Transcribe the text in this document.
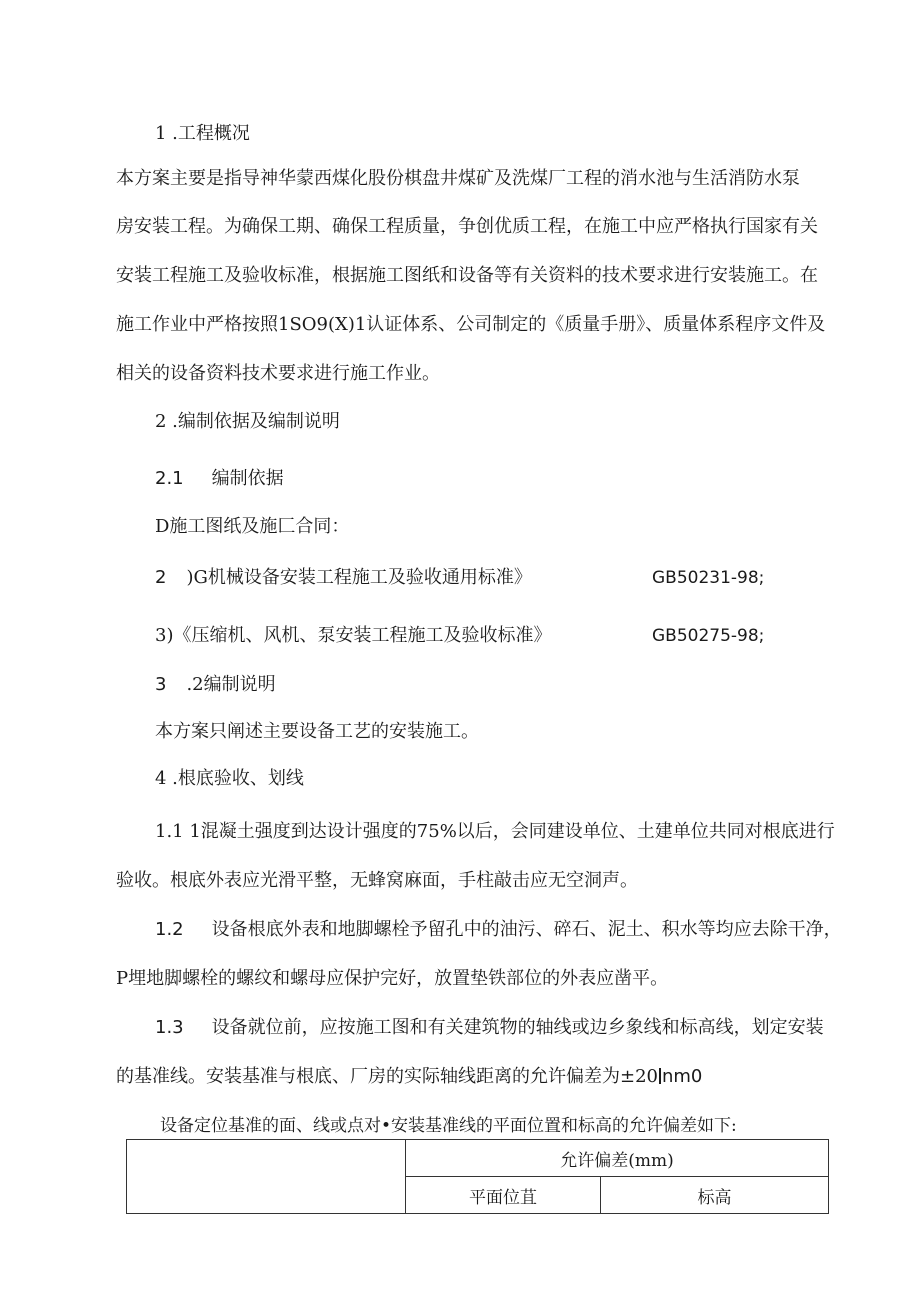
1 .工程概况
本方案主要是指导神华蒙西煤化股份棋盘井煤矿及洗煤厂工程的消水池与生活消防水泵
房安装工程。为确保工期、确保工程质量，争创优质工程，在施工中应严格执行国家有关
安装工程施工及验收标准，根据施工图纸和设备等有关资料的技术要求进行安装施工。在
施工作业中严格按照1SO9(X)1认证体系、公司制定的《质量手册》、质量体系程序文件及
相关的设备资料技术要求进行施工作业。
2 .编制依据及编制说明
2.1 编制依据
D施工图纸及施匚合同：
2 )G机械设备安装工程施工及验收通用标准》	GB50231-98;
3)《压缩机、风机、泵安装工程施工及验收标准》	GB50275-98;
3 .2编制说明
本方案只阐述主要设备工艺的安装施工。
4 .根底验收、划线
1.1 1混凝土强度到达设计强度的75%以后，会同建设单位、土建单位共同对根底进行
验收。根底外表应光滑平整，无蜂窝麻面，手柱敲击应无空洞声。
1.2 设备根底外表和地脚螺栓予留孔中的油污、碎石、泥土、积水等均应去除干净，
P埋地脚螺栓的螺纹和螺母应保护完好，放置垫铁部位的外表应凿平。
1.3 设备就位前，应按施工图和有关建筑物的轴线或边乡象线和标高线，划定安装
的基准线。安装基准与根底、厂房的实际轴线距离的允许偏差为±20 nm0
设备定位基准的面、线或点对•安装基准线的平面位置和标高的允许偏差如下:
	允许偏差(mm)	
	平面位苴	标高
